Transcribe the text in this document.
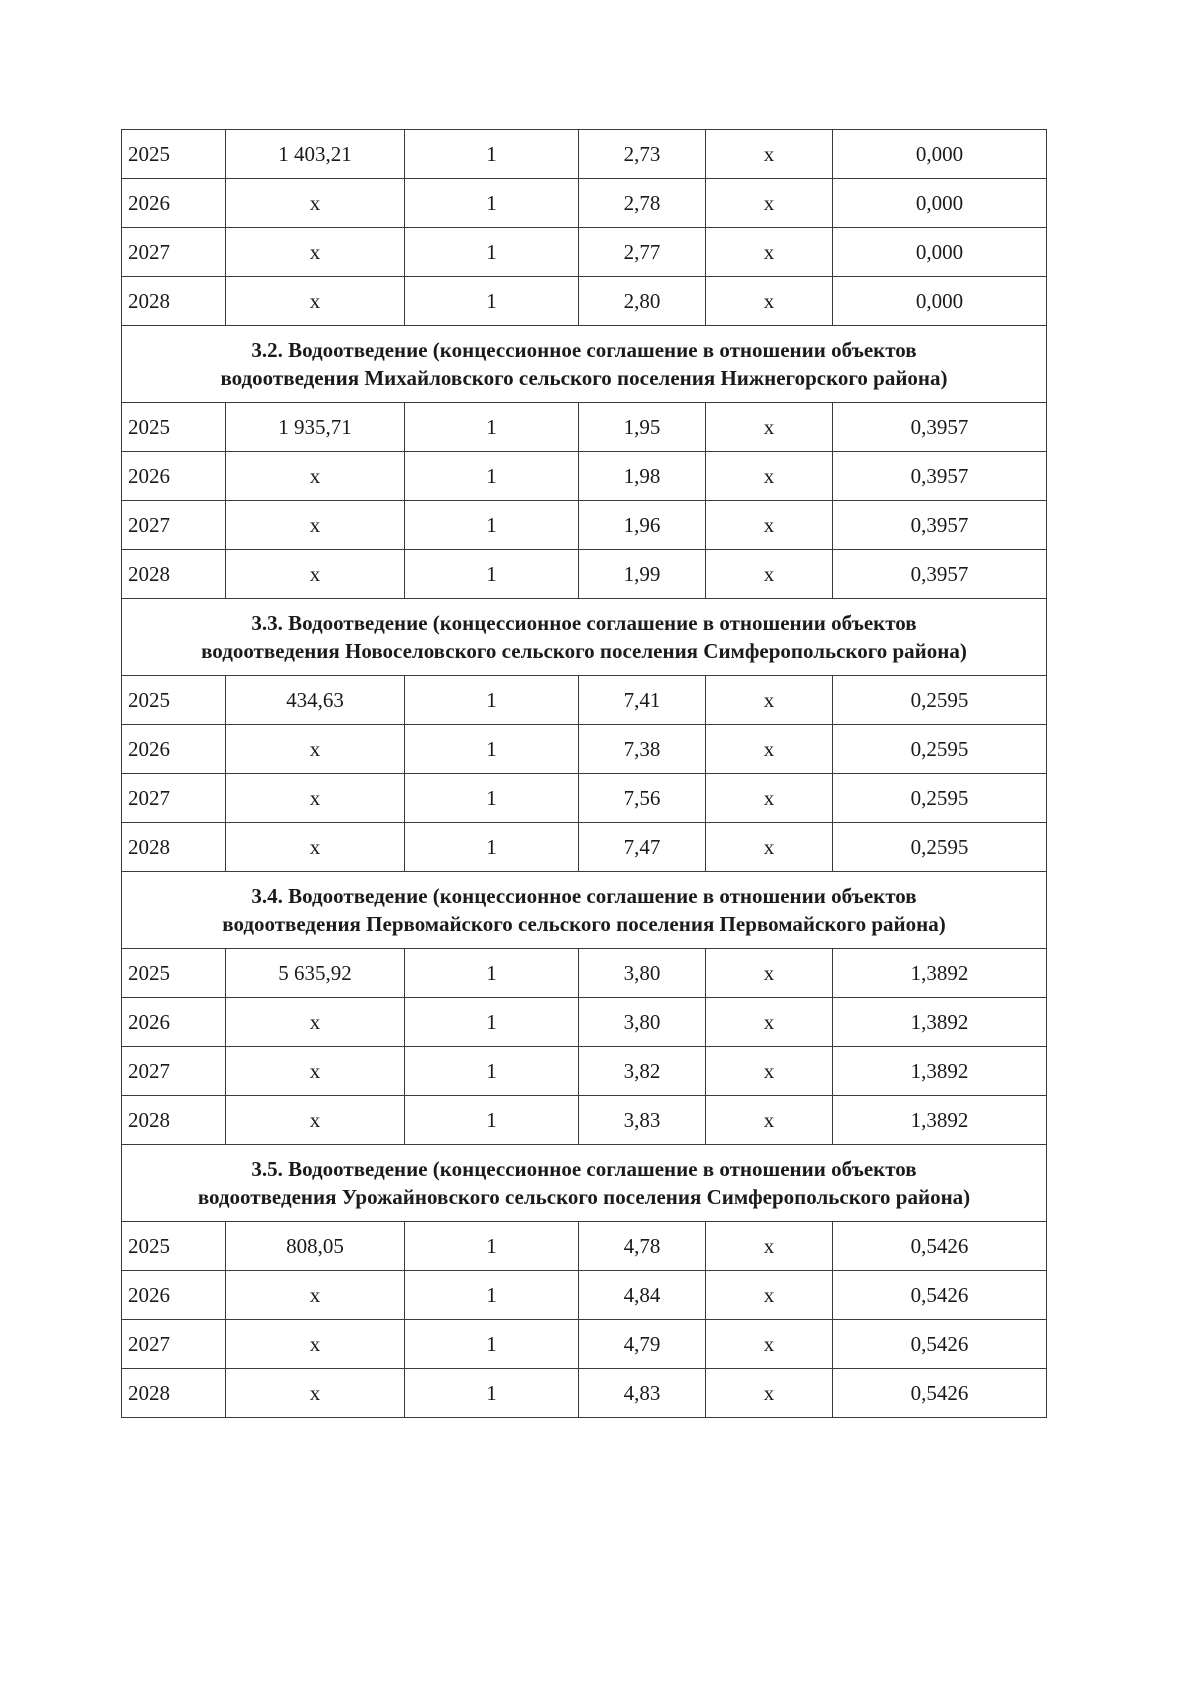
2025	1 403,21	1	2,73	х	0,000
2026	х	1	2,78	х	0,000
2027	х	1	2,77	х	0,000
2028	х	1	2,80	х	0,000

3.2. Водоотведение (концессионное соглашение в отношении объектов
водоотведения Михайловского сельского поселения Нижнегорского района)					

2025	1 935,71	1	1,95	х	0,3957
2026	х	1	1,98	х	0,3957
2027	х	1	1,96	х	0,3957
2028	х	1	1,99	х	0,3957

3.3. Водоотведение (концессионное соглашение в отношении объектов
водоотведения Новоселовского сельского поселения Симферопольского района)					

2025	434,63	1	7,41	х	0,2595
2026	х	1	7,38	х	0,2595
2027	х	1	7,56	х	0,2595
2028	х	1	7,47	х	0,2595

3.4. Водоотведение (концессионное соглашение в отношении объектов
водоотведения Первомайского сельского поселения Первомайского района)					

2025	5 635,92	1	3,80	х	1,3892
2026	х	1	3,80	х	1,3892
2027	х	1	3,82	х	1,3892
2028	х	1	3,83	х	1,3892

3.5. Водоотведение (концессионное соглашение в отношении объектов
водоотведения Урожайновского сельского поселения Симферопольского района)					

2025	808,05	1	4,78	х	0,5426
2026	х	1	4,84	х	0,5426
2027	х	1	4,79	х	0,5426
2028	х	1	4,83	х	0,5426
